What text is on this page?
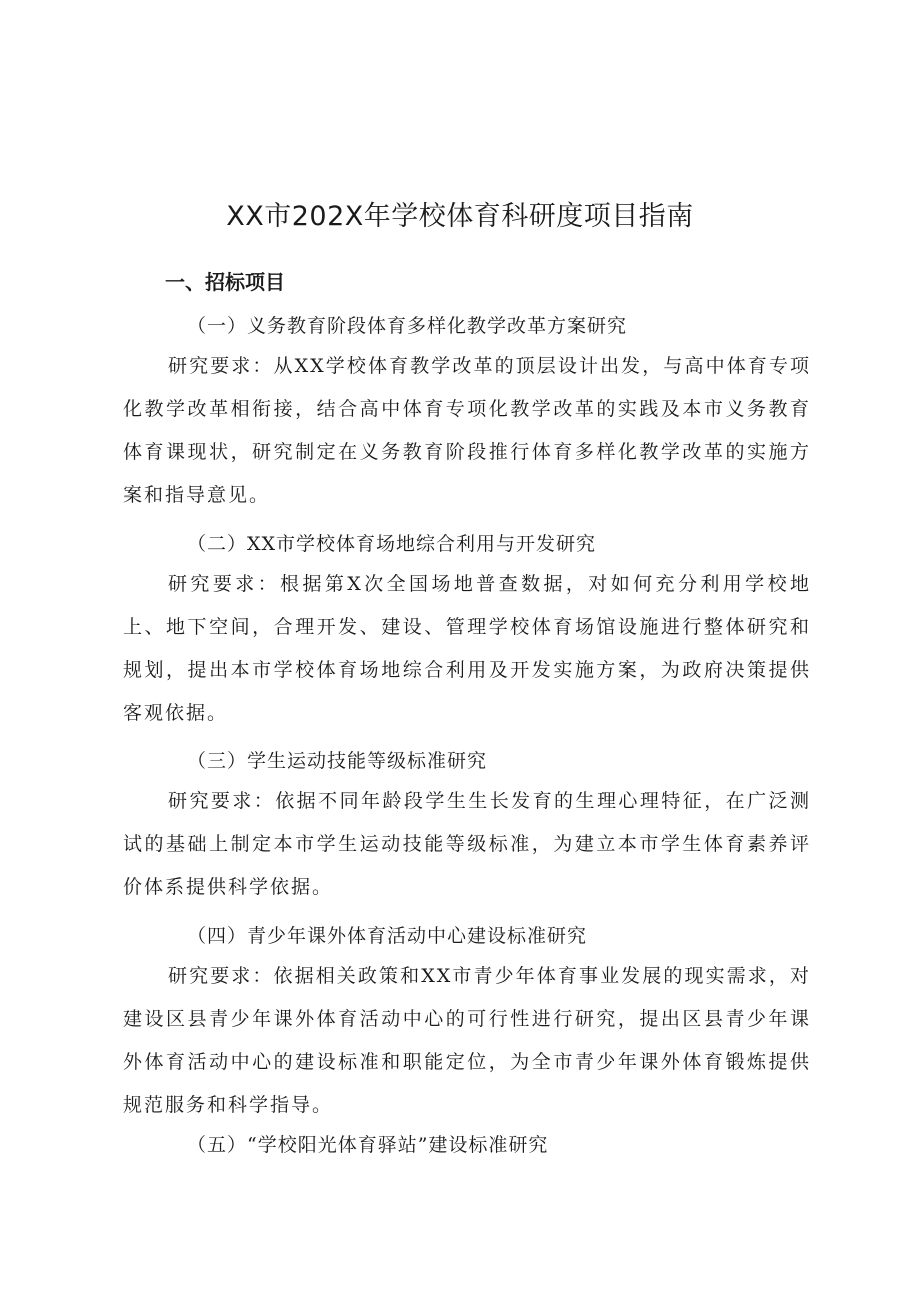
XX市202X年学校体育科研度项目指南
一、招标项目
（一）义务教育阶段体育多样化教学改革方案研究
研究要求：从XX学校体育教学改革的顶层设计出发，与高中体育专项化教学改革相衔接，结合高中体育专项化教学改革的实践及本市义务教育体育课现状，研究制定在义务教育阶段推行体育多样化教学改革的实施方案和指导意见。
（二）XX市学校体育场地综合利用与开发研究
研究要求：根据第X次全国场地普查数据，对如何充分利用学校地上、地下空间，合理开发、建设、管理学校体育场馆设施进行整体研究和规划，提出本市学校体育场地综合利用及开发实施方案，为政府决策提供客观依据。
（三）学生运动技能等级标准研究
研究要求：依据不同年龄段学生生长发育的生理心理特征，在广泛测试的基础上制定本市学生运动技能等级标准，为建立本市学生体育素养评价体系提供科学依据。
（四）青少年课外体育活动中心建设标准研究
研究要求：依据相关政策和XX市青少年体育事业发展的现实需求，对建设区县青少年课外体育活动中心的可行性进行研究，提出区县青少年课外体育活动中心的建设标准和职能定位，为全市青少年课外体育锻炼提供规范服务和科学指导。
（五）“学校阳光体育驿站”建设标准研究
